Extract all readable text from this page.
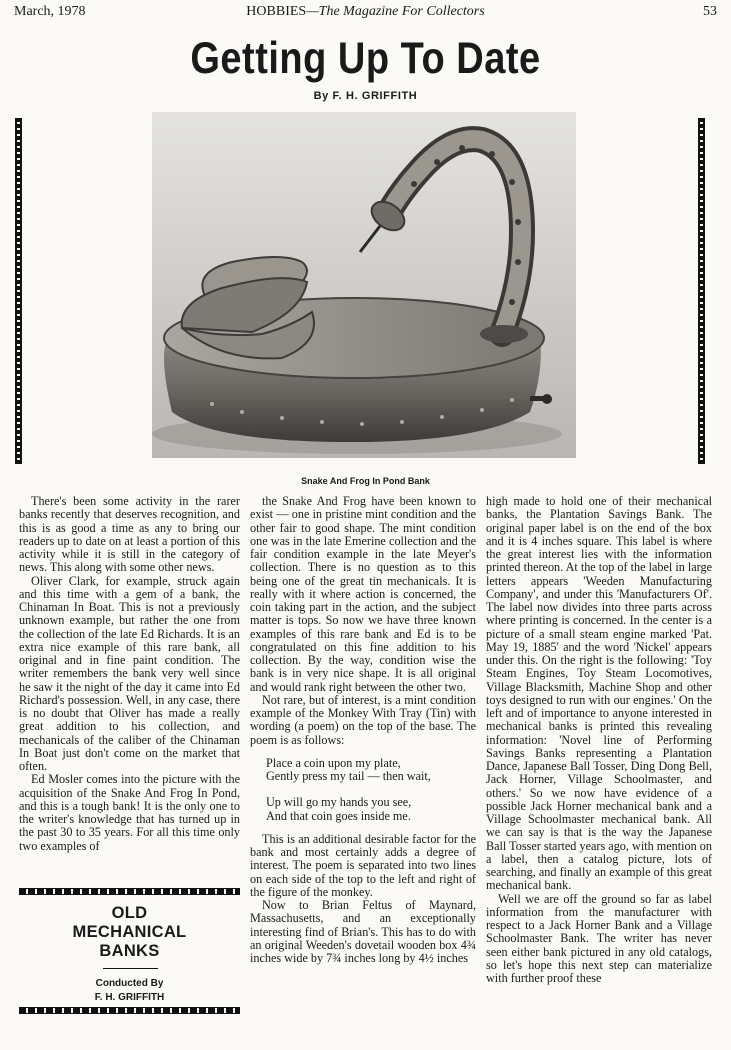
March, 1978	HOBBIES—The Magazine For Collectors	53
Getting Up To Date
By F. H. GRIFFITH
Snake And Frog In Pond Bank

There's been some activity in the rarer banks recently that deserves recognition, and this is as good a time as any to bring our readers up to date on at least a portion of this activity while it is still in the category of news. This along with some other news.

Oliver Clark, for example, struck again and this time with a gem of a bank, the Chinaman In Boat. This is not a previously unknown example, but rather the one from the collection of the late Ed Richards. It is an extra nice example of this rare bank, all original and in fine paint condition. The writer remembers the bank very well since he saw it the night of the day it came into Ed Richard's possession. Well, in any case, there is no doubt that Oliver has made a really great addition to his collection, and mechanicals of the caliber of the Chinaman In Boat just don't come on the market that often.

Ed Mosler comes into the picture with the acquisition of the Snake And Frog In Pond, and this is a tough bank! It is the only one to the writer's knowledge that has turned up in the past 30 to 35 years. For all this time only two examples of

OLD
MECHANICAL
BANKS
Conducted By
F. H. GRIFFITH

the Snake And Frog have been known to exist — one in pristine mint condition and the other fair to good shape. The mint condition one was in the late Emerine collection and the fair condition example in the late Meyer's collection. There is no question as to this being one of the great tin mechanicals. It is really with it where action is concerned, the coin taking part in the action, and the subject matter is tops. So now we have three known examples of this rare bank and Ed is to be congratulated on this fine addition to his collection. By the way, condition wise the bank is in very nice shape. It is all original and would rank right between the other two.

Not rare, but of interest, is a mint condition example of the Monkey With Tray (Tin) with wording (a poem) on the top of the base. The poem is as follows:

Place a coin upon my plate,
Gently press my tail — then wait,
Up will go my hands you see,
And that coin goes inside me.

This is an additional desirable factor for the bank and most certainly adds a degree of interest. The poem is separated into two lines on each side of the top to the left and right of the figure of the monkey.

Now to Brian Feltus of Maynard, Massachusetts, and an exceptionally interesting find of Brian's. This has to do with an original Weeden's dovetail wooden box 4¾ inches wide by 7¾ inches long by 4½ inches

high made to hold one of their mechanical banks, the Plantation Savings Bank. The original paper label is on the end of the box and it is 4 inches square. This label is where the great interest lies with the information printed thereon. At the top of the label in large letters appears 'Weeden Manufacturing Company', and under this 'Manufacturers Of'. The label now divides into three parts across where printing is concerned. In the center is a picture of a small steam engine marked 'Pat. May 19, 1885' and the word 'Nickel' appears under this. On the right is the following: 'Toy Steam Engines, Toy Steam Locomotives, Village Blacksmith, Machine Shop and other toys designed to run with our engines.' On the left and of importance to anyone interested in mechanical banks is printed this revealing information: 'Novel line of Performing Savings Banks representing a Plantation Dance, Japanese Ball Tosser, Ding Dong Bell, Jack Horner, Village Schoolmaster, and others.' So we now have evidence of a possible Jack Horner mechanical bank and a Village Schoolmaster mechanical bank. All we can say is that is the way the Japanese Ball Tosser started years ago, with mention on a label, then a catalog picture, lots of searching, and finally an example of this great mechanical bank.

Well we are off the ground so far as label information from the manufacturer with respect to a Jack Horner Bank and a Village Schoolmaster Bank. The writer has never seen either bank pictured in any old catalogs, so let's hope this next step can materialize with further proof these
